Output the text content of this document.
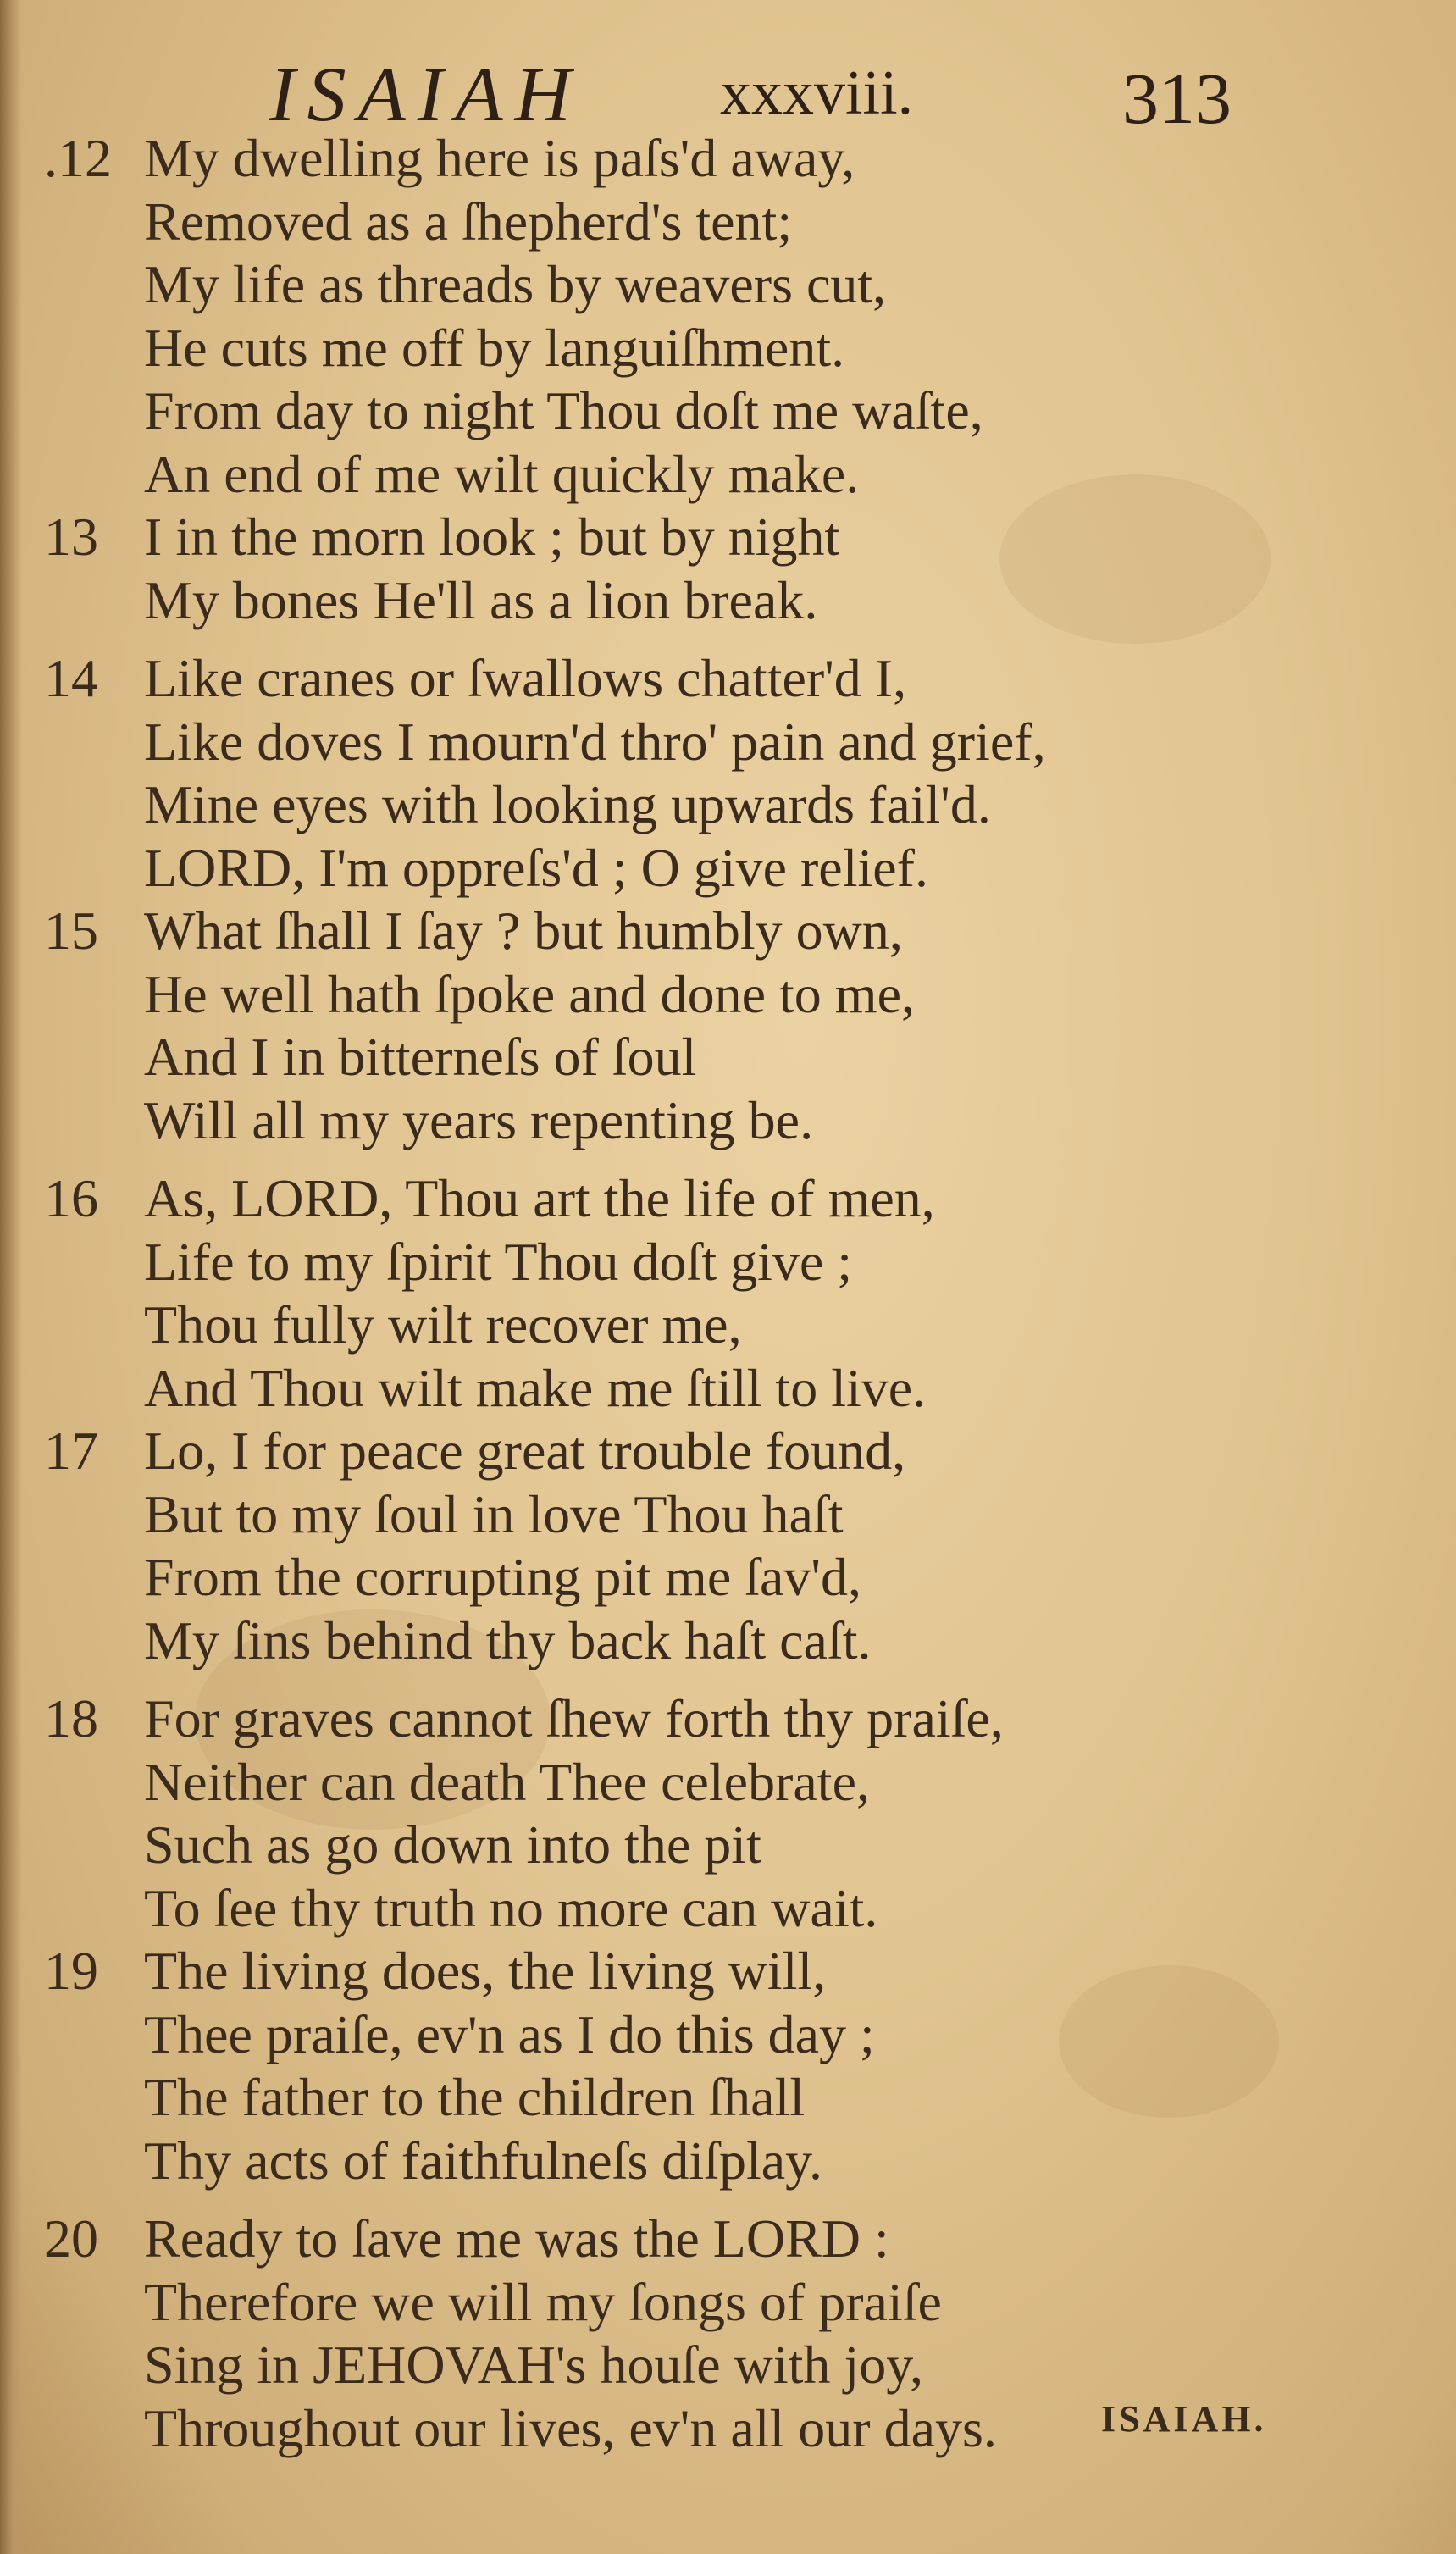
ISAIAH xxxviii.	313
.12 My dwelling here is paſs'd away,
Removed as a ſhepherd's tent;
My life as threads by weavers cut,
He cuts me off by languiſhment.
From day to night Thou doſt me waſte,
An end of me wilt quickly make.
13 I in the morn look ; but by night
My bones He'll as a lion break.
14 Like cranes or ſwallows chatter'd I,
Like doves I mourn'd thro' pain and grief,
Mine eyes with looking upwards fail'd.
LORD, I'm oppreſs'd ; O give relief.
15 What ſhall I ſay ? but humbly own,
He well hath ſpoke and done to me,
And I in bitterneſs of ſoul
Will all my years repenting be.
16 As, LORD, Thou art the life of men,
Life to my ſpirit Thou doſt give ;
Thou fully wilt recover me,
And Thou wilt make me ſtill to live.
17 Lo, I for peace great trouble found,
But to my ſoul in love Thou haſt
From the corrupting pit me ſav'd,
My ſins behind thy back haſt caſt.
18 For graves cannot ſhew forth thy praiſe,
Neither can death Thee celebrate,
Such as go down into the pit
To ſee thy truth no more can wait.
19 The living does, the living will,
Thee praiſe, ev'n as I do this day ;
The father to the children ſhall
Thy acts of faithfulneſs diſplay.
20 Ready to ſave me was the LORD :
Therefore we will my ſongs of praiſe
Sing in JEHOVAH's houſe with joy,
Throughout our lives, ev'n all our days.	ISAIAH.
